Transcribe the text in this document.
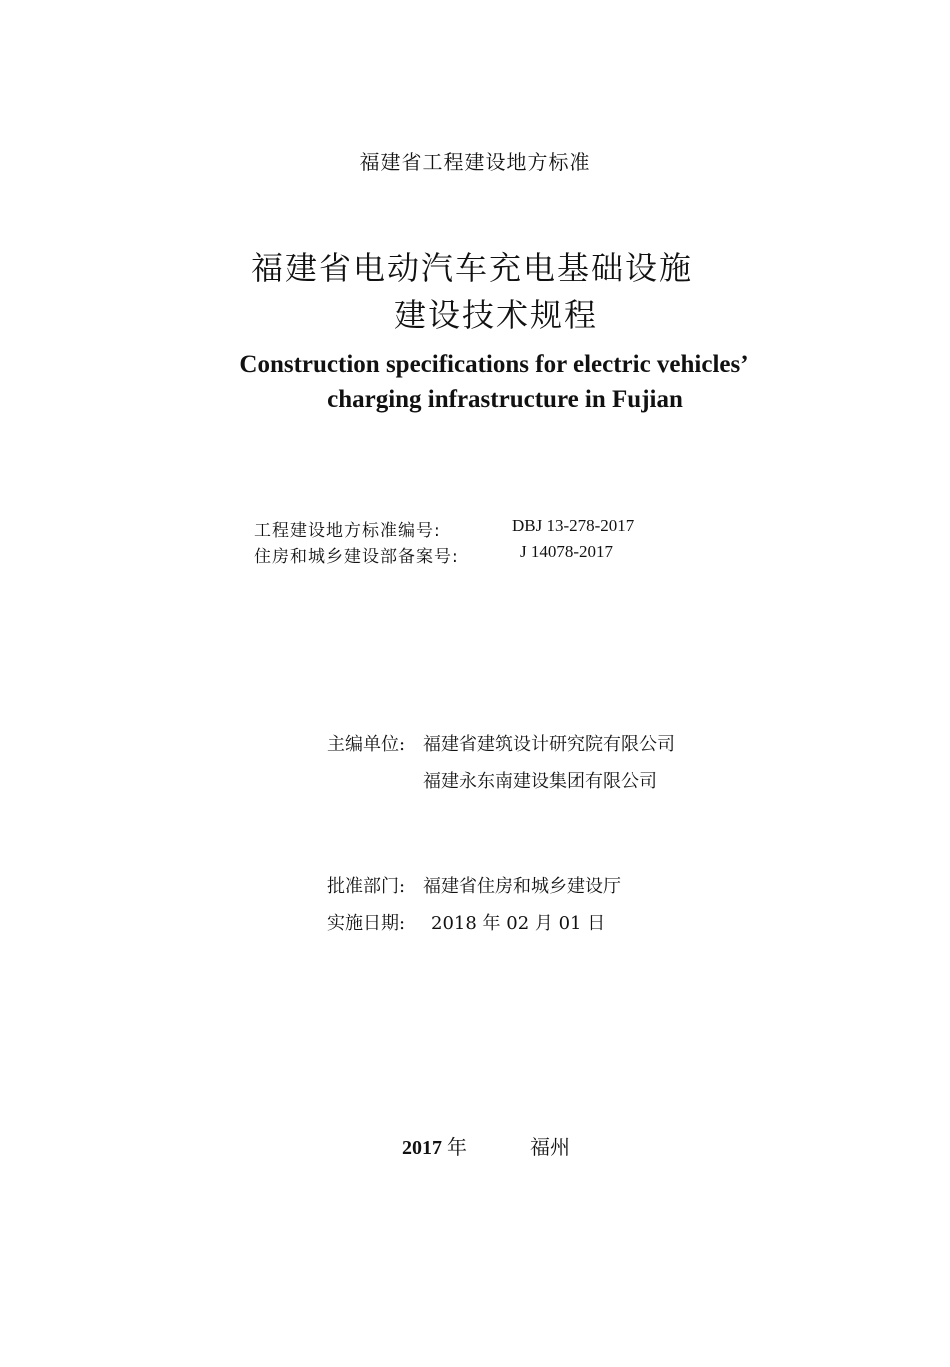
福建省工程建设地方标准
福建省电动汽车充电基础设施
建设技术规程
Construction specifications for electric vehicles’
charging infrastructure in Fujian
工程建设地方标准编号:	DBJ 13-278-2017
住房和城乡建设部备案号:	J 14078-2017
主编单位: 福建省建筑设计研究院有限公司
福建永东南建设集团有限公司
批准部门: 福建省住房和城乡建设厅
实施日期: 2018 年 02 月 01 日
2017 年	福州
